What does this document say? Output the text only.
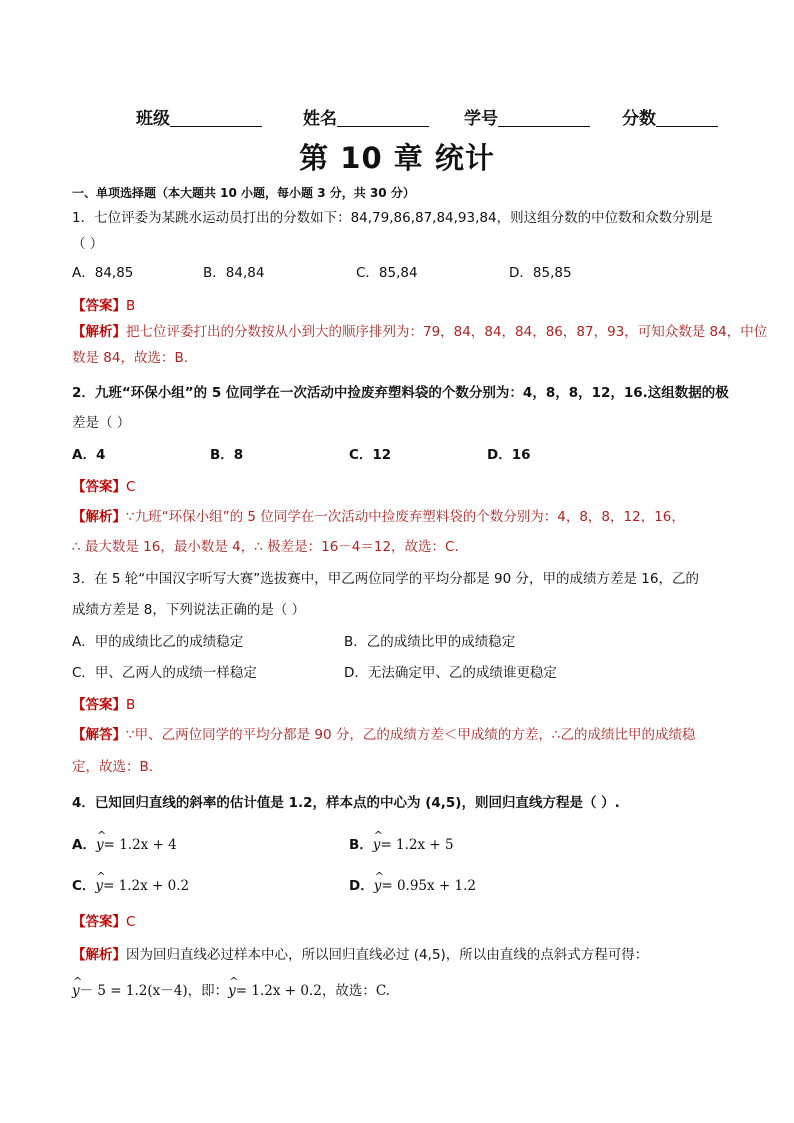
班级	姓名	学号	分数
第 10 章 统计
一、单项选择题（本大题共 10 小题，每小题 3 分，共 30 分）
1．七位评委为某跳水运动员打出的分数如下：84,79,86,87,84,93,84，则这组分数的中位数和众数分别是
（ ）
A．84,85	B．84,84	C．85,84	D．85,85
【答案】B
【解析】把七位评委打出的分数按从小到大的顺序排列为：79，84，84，84，86，87，93，可知众数是 84，中位
数是 84，故选：B.
2．九班“环保小组”的 5 位同学在一次活动中捡废弃塑料袋的个数分别为：4，8，8，12，16.这组数据的极
差是（ ）
A．4	B．8	C．12	D．16
【答案】C
【解析】∵九班“环保小组”的 5 位同学在一次活动中捡废弃塑料袋的个数分别为：4，8，8，12，16，
∴ 最大数是 16，最小数是 4，∴ 极差是：16－4＝12，故选：C.
3．在 5 轮“中国汉字听写大赛”选拔赛中，甲乙两位同学的平均分都是 90 分，甲的成绩方差是 16，乙的
成绩方差是 8，下列说法正确的是（ ）
A．甲的成绩比乙的成绩稳定	B．乙的成绩比甲的成绩稳定
C．甲、乙两人的成绩一样稳定	D．无法确定甲、乙的成绩谁更稳定
【答案】B
【解答】∵甲、乙两位同学的平均分都是 90 分，乙的成绩方差＜甲成绩的方差，∴乙的成绩比甲的成绩稳
定，故选：B.
4．已知回归直线的斜率的估计值是 1.2，样本点的中心为 (4,5)，则回归直线方程是（ ）.
A．^ y= 1.2x + 4	B．^ y= 1.2x + 5
C．^ y= 1.2x + 0.2	D．^ y= 0.95x + 1.2
【答案】C
【解析】因为回归直线必过样本中心，所以回归直线必过 (4,5)，所以由直线的点斜式方程可得：
^ y－ 5 = 1.2(x－4)，即：^ y= 1.2x + 0.2，故选：C.
